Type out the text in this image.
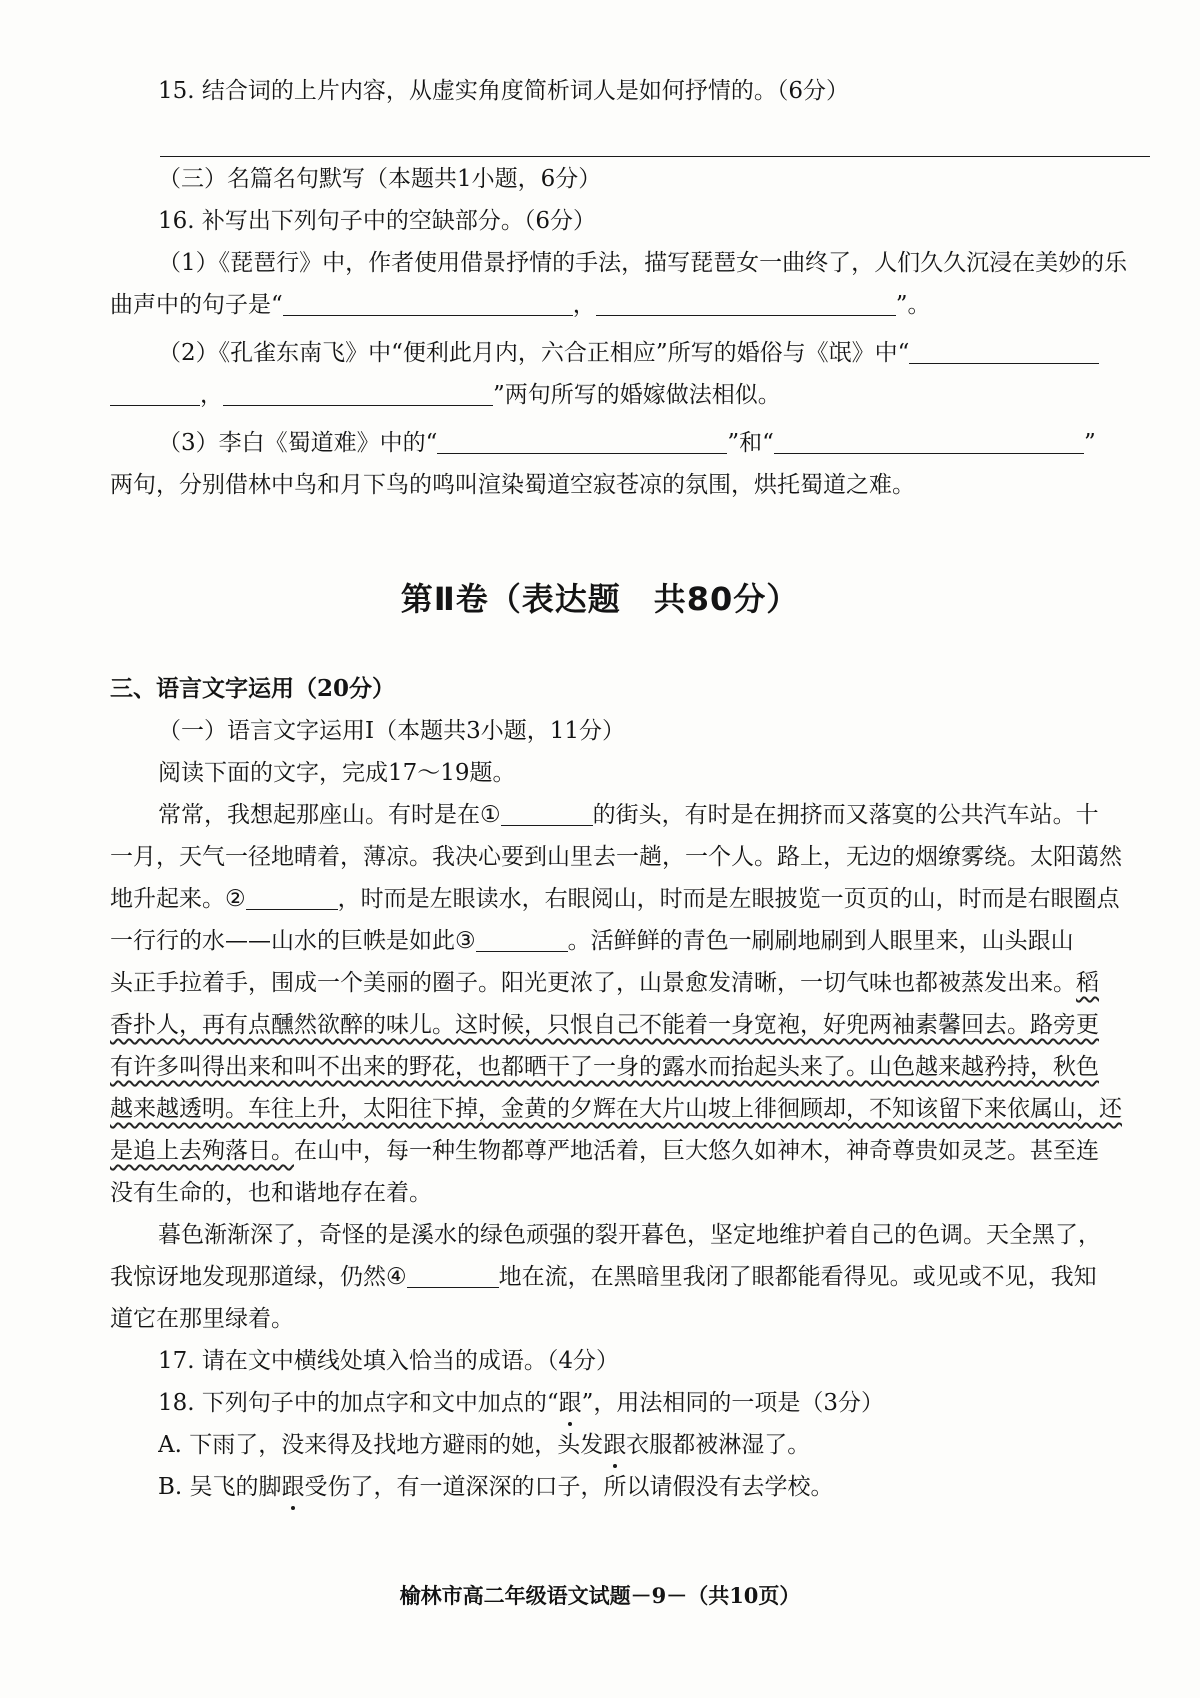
15. 结合词的上片内容，从虚实角度简析词人是如何抒情的。（6分）
（三）名篇名句默写（本题共1小题，6分）
16. 补写出下列句子中的空缺部分。（6分）
（1）《琵琶行》中，作者使用借景抒情的手法，描写琵琶女一曲终了，人们久久沉浸在美妙的乐
曲声中的句子是“	，	”。
（2）《孔雀东南飞》中“便利此月内，六合正相应”所写的婚俗与《氓》中“
，	”两句所写的婚嫁做法相似。
（3）李白《蜀道难》中的“	”和“	”
两句，分别借林中鸟和月下鸟的鸣叫渲染蜀道空寂苍凉的氛围，烘托蜀道之难。
第Ⅱ卷（表达题　共80分）
三、语言文字运用（20分）
（一）语言文字运用Ⅰ（本题共3小题，11分）
阅读下面的文字，完成17～19题。
常常，我想起那座山。有时是在①	的街头，有时是在拥挤而又落寞的公共汽车站。十
一月，天气一径地晴着，薄凉。我决心要到山里去一趟，一个人。路上，无边的烟缭雾绕。太阳蔼然
地升起来。②	，时而是左眼读水，右眼阅山，时而是左眼披览一页页的山，时而是右眼圈点
一行行的水——山水的巨帙是如此③	。活鲜鲜的青色一刷刷地刷到人眼里来，山头跟山
头正手拉着手，围成一个美丽的圈子。阳光更浓了，山景愈发清晰，一切气味也都被蒸发出来。稻
香扑人，再有点醺然欲醉的味儿。这时候，只恨自己不能着一身宽袍，好兜两袖素馨回去。路旁更
有许多叫得出来和叫不出来的野花，也都晒干了一身的露水而抬起头来了。山色越来越矜持，秋色
越来越透明。车往上升，太阳往下掉，金黄的夕辉在大片山坡上徘徊顾却，不知该留下来依属山，还
是追上去殉落日。在山中，每一种生物都尊严地活着，巨大悠久如神木，神奇尊贵如灵芝。甚至连
没有生命的，也和谐地存在着。
暮色渐渐深了，奇怪的是溪水的绿色顽强的裂开暮色，坚定地维护着自己的色调。天全黑了，
我惊讶地发现那道绿，仍然④	地在流，在黑暗里我闭了眼都能看得见。或见或不见，我知
道它在那里绿着。
17. 请在文中横线处填入恰当的成语。（4分）
18. 下列句子中的加点字和文中加点的“跟”，用法相同的一项是（3分）
A. 下雨了，没来得及找地方避雨的她，头发跟衣服都被淋湿了。
B. 吴飞的脚跟受伤了，有一道深深的口子，所以请假没有去学校。
榆林市高二年级语文试题－9－（共10页）
